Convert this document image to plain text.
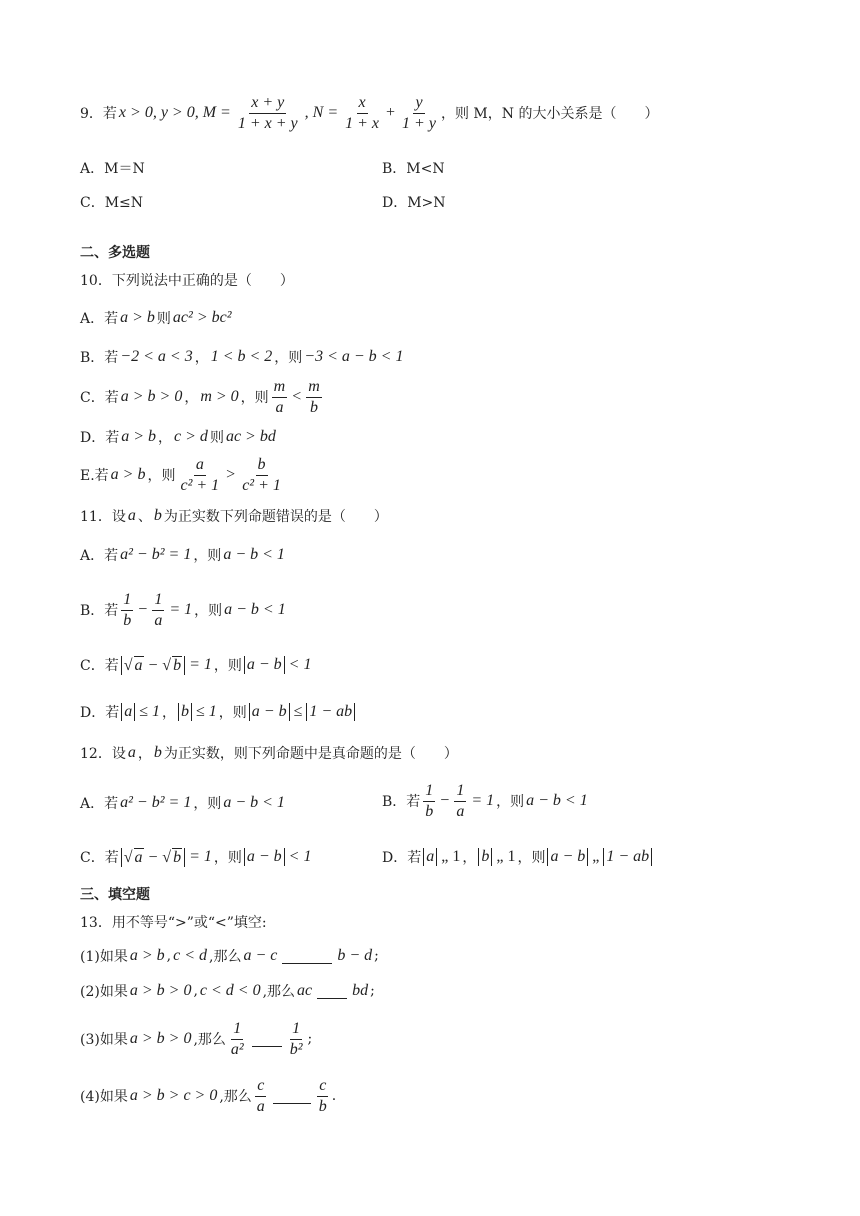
9．若 x > 0, y > 0, $M = \frac{x + y}{1 + x + y}$ , $N = \frac{x}{1 + x} + \frac{y}{1 + y}$ ，则 M，N 的大小关系是（　　）
A．M＝N	B．M<N
C．M≤N	D．M>N
二、多选题
10．下列说法中正确的是（　　）
A．若 a > b 则 ac² > bc²
B．若 −2 < a < 3 ， 1 < b < 2 ，则 −3 < a − b < 1
C．若 a > b > 0 ， m > 0 ，则 $\frac{m}{a} < \frac{m}{b}$
D．若 a > b ， c > d 则 ac > bd
E.若 a > b ，则 $\frac{a}{\text{c² + 1}} > \frac{b}{\text{c² + 1}}$
11．设 a 、 b 为正实数下列命题错误的是（　　）
A．若 a² − b² = 1 ，则 a − b < 1
B．若 $\frac{1}{b} - \frac{1}{a} = 1$ ，则 a − b < 1
C．若 √ a − √ b = 1 ，则 a − b < 1
D．若 a ≤ 1 ， b ≤ 1 ，则 a − b ≤ 1 − ab
12．设 a ， b 为正实数，则下列命题中是真命题的是（　　）
A．若 a² − b² = 1 ，则 a − b < 1	B．若 $\frac{1}{b} - \frac{1}{a} = 1$ ，则 a − b < 1
C．若 √ a − √ b = 1 ，则 a − b < 1	D．若 a „ 1 ， b „ 1 ，则 a − b „ 1 − ab
三、填空题
13．用不等号“>”或“<”填空:
(1)如果 a > b , c < d ,那么 a − c	b − d ;
(2)如果 a > b > 0 , c < d < 0 ,那么 ac	bd ;
(3)如果 a > b > 0 ,那么 $\frac{1}{\text{a²}}$	$\frac{1}{\text{b²}}$ ;
(4)如果 a > b > c > 0 ,那么 $\frac{c}{a}$	$\frac{c}{b}$ .
